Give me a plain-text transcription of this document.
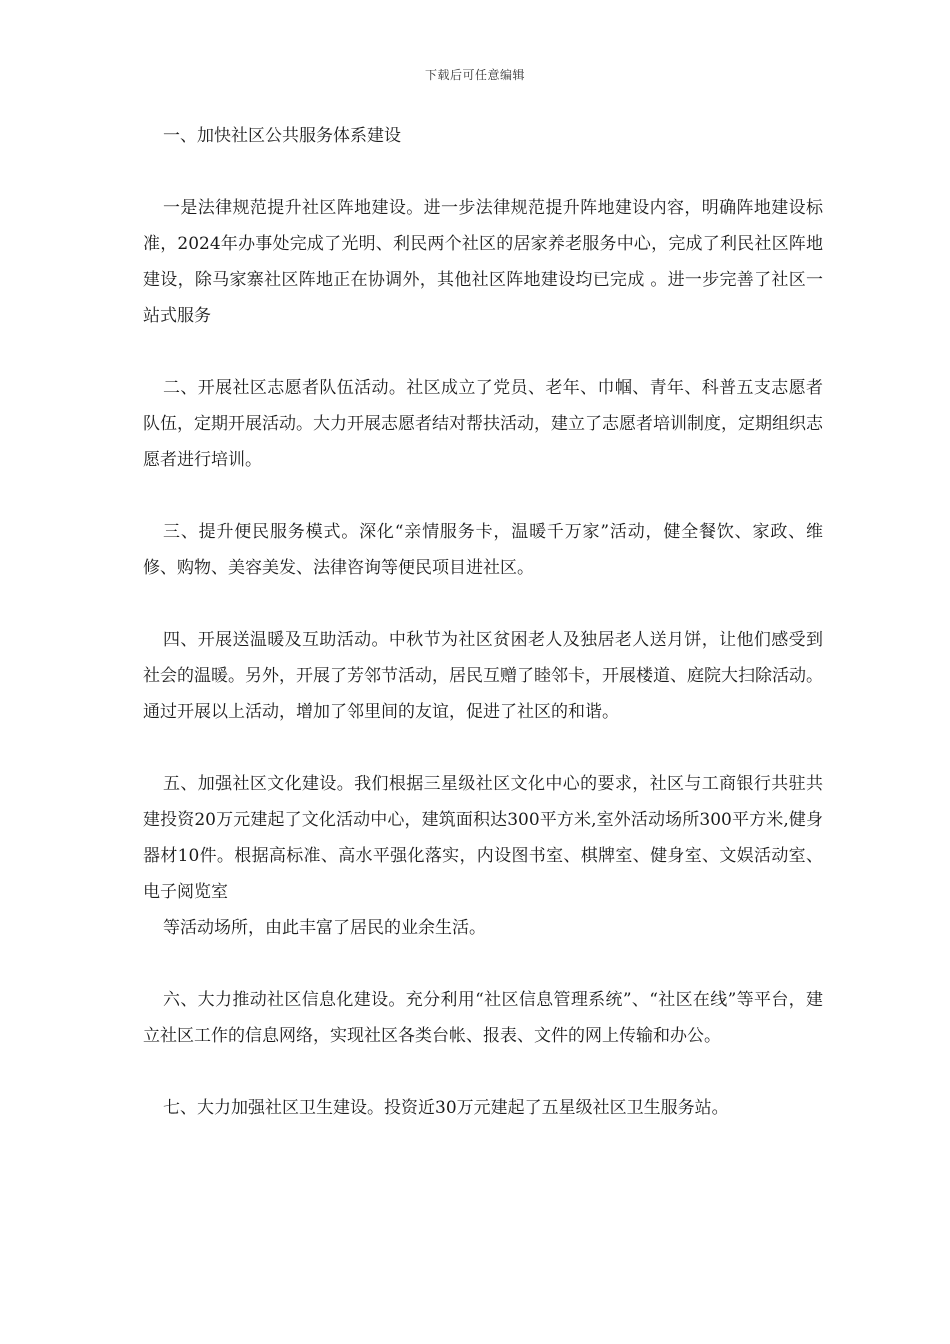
下载后可任意编辑

一、加快社区公共服务体系建设

一是法律规范提升社区阵地建设。进一步法律规范提升阵地建设内容，明确阵地建设标准，2024年办事处完成了光明、利民两个社区的居家养老服务中心，完成了利民社区阵地建设，除马家寨社区阵地正在协调外，其他社区阵地建设均已完成 。进一步完善了社区一站式服务

二、开展社区志愿者队伍活动。社区成立了党员、老年、巾帼、青年、科普五支志愿者队伍，定期开展活动。大力开展志愿者结对帮扶活动，建立了志愿者培训制度，定期组织志愿者进行培训。

三、提升便民服务模式。深化“亲情服务卡，温暖千万家”活动，健全餐饮、家政、维修、购物、美容美发、法律咨询等便民项目进社区。

四、开展送温暖及互助活动。中秋节为社区贫困老人及独居老人送月饼，让他们感受到社会的温暖。另外，开展了芳邻节活动，居民互赠了睦邻卡，开展楼道、庭院大扫除活动。通过开展以上活动，增加了邻里间的友谊，促进了社区的和谐。

五、加强社区文化建设。我们根据三星级社区文化中心的要求，社区与工商银行共驻共建投资20万元建起了文化活动中心，建筑面积达300平方米,室外活动场所300平方米,健身器材10件。根据高标准、高水平强化落实，内设图书室、棋牌室、健身室、文娱活动室、电子阅览室

等活动场所，由此丰富了居民的业余生活。

六、大力推动社区信息化建设。充分利用“社区信息管理系统”、“社区在线”等平台，建立社区工作的信息网络，实现社区各类台帐、报表、文件的网上传输和办公。

七、大力加强社区卫生建设。投资近30万元建起了五星级社区卫生服务站。
